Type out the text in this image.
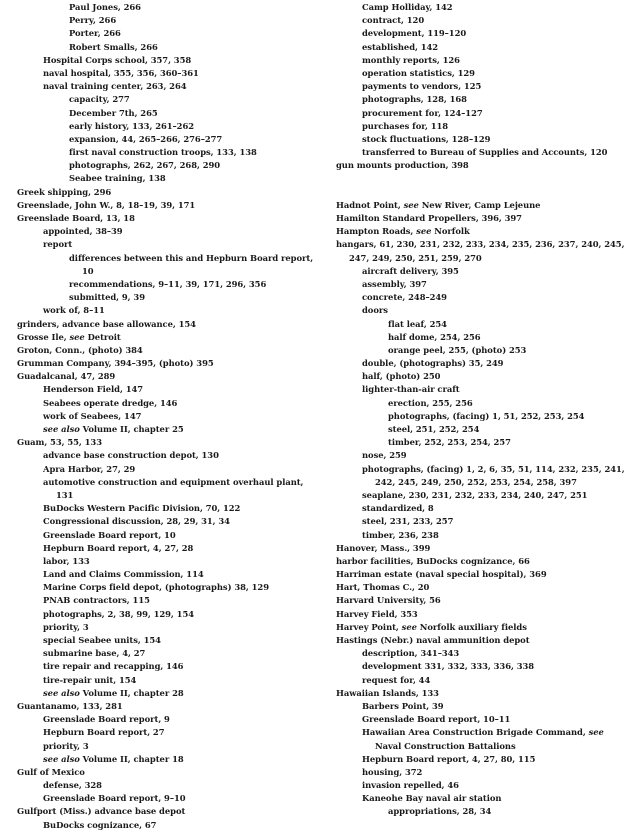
Paul Jones, 266
Perry, 266
Porter, 266
Robert Smalls, 266
Hospital Corps school, 357, 358
naval hospital, 355, 356, 360–361
naval training center, 263, 264
capacity, 277
December 7th, 265
early history, 133, 261–262
expansion, 44, 265–266, 276–277
first naval construction troops, 133, 138
photographs, 262, 267, 268, 290
Seabee training, 138
Greek shipping, 296
Greenslade, John W., 8, 18–19, 39, 171
Greenslade Board, 13, 18
appointed, 38–39
report
differences between this and Hepburn Board report,
10
recommendations, 9–11, 39, 171, 296, 356
submitted, 9, 39
work of, 8–11
grinders, advance base allowance, 154
Grosse Ile, see Detroit
Groton, Conn., (photo) 384
Grumman Company, 394–395, (photo) 395
Guadalcanal, 47, 289
Henderson Field, 147
Seabees operate dredge, 146
work of Seabees, 147
see also Volume II, chapter 25
Guam, 53, 55, 133
advance base construction depot, 130
Apra Harbor, 27, 29
automotive construction and equipment overhaul plant,
131
BuDocks Western Pacific Division, 70, 122
Congressional discussion, 28, 29, 31, 34
Greenslade Board report, 10
Hepburn Board report, 4, 27, 28
labor, 133
Land and Claims Commission, 114
Marine Corps field depot, (photographs) 38, 129
PNAB contractors, 115
photographs, 2, 38, 99, 129, 154
priority, 3
special Seabee units, 154
submarine base, 4, 27
tire repair and recapping, 146
tire-repair unit, 154
see also Volume II, chapter 28
Guantanamo, 133, 281
Greenslade Board report, 9
Hepburn Board report, 27
priority, 3
see also Volume II, chapter 18
Gulf of Mexico
defense, 328
Greenslade Board report, 9–10
Gulfport (Miss.) advance base depot
BuDocks cognizance, 67
Camp Holliday, 142
contract, 120
development, 119–120
established, 142
monthly reports, 126
operation statistics, 129
payments to vendors, 125
photographs, 128, 168
procurement for, 124–127
purchases for, 118
stock fluctuations, 128–129
transferred to Bureau of Supplies and Accounts, 120
gun mounts production, 398
Hadnot Point, see New River, Camp Lejeune
Hamilton Standard Propellers, 396, 397
Hampton Roads, see Norfolk
hangars, 61, 230, 231, 232, 233, 234, 235, 236, 237, 240, 245,
247, 249, 250, 251, 259, 270
aircraft delivery, 395
assembly, 397
concrete, 248–249
doors
flat leaf, 254
half dome, 254, 256
orange peel, 255, (photo) 253
double, (photographs) 35, 249
half, (photo) 250
lighter-than-air craft
erection, 255, 256
photographs, (facing) 1, 51, 252, 253, 254
steel, 251, 252, 254
timber, 252, 253, 254, 257
nose, 259
photographs, (facing) 1, 2, 6, 35, 51, 114, 232, 235, 241,
242, 245, 249, 250, 252, 253, 254, 258, 397
seaplane, 230, 231, 232, 233, 234, 240, 247, 251
standardized, 8
steel, 231, 233, 257
timber, 236, 238
Hanover, Mass., 399
harbor facilities, BuDocks cognizance, 66
Harriman estate (naval special hospital), 369
Hart, Thomas C., 20
Harvard University, 56
Harvey Field, 353
Harvey Point, see Norfolk auxiliary fields
Hastings (Nebr.) naval ammunition depot
description, 341–343
development 331, 332, 333, 336, 338
request for, 44
Hawaiian Islands, 133
Barbers Point, 39
Greenslade Board report, 10–11
Hawaiian Area Construction Brigade Command, see
Naval Construction Battalions
Hepburn Board report, 4, 27, 80, 115
housing, 372
invasion repelled, 46
Kaneohe Bay naval air station
appropriations, 28, 34
